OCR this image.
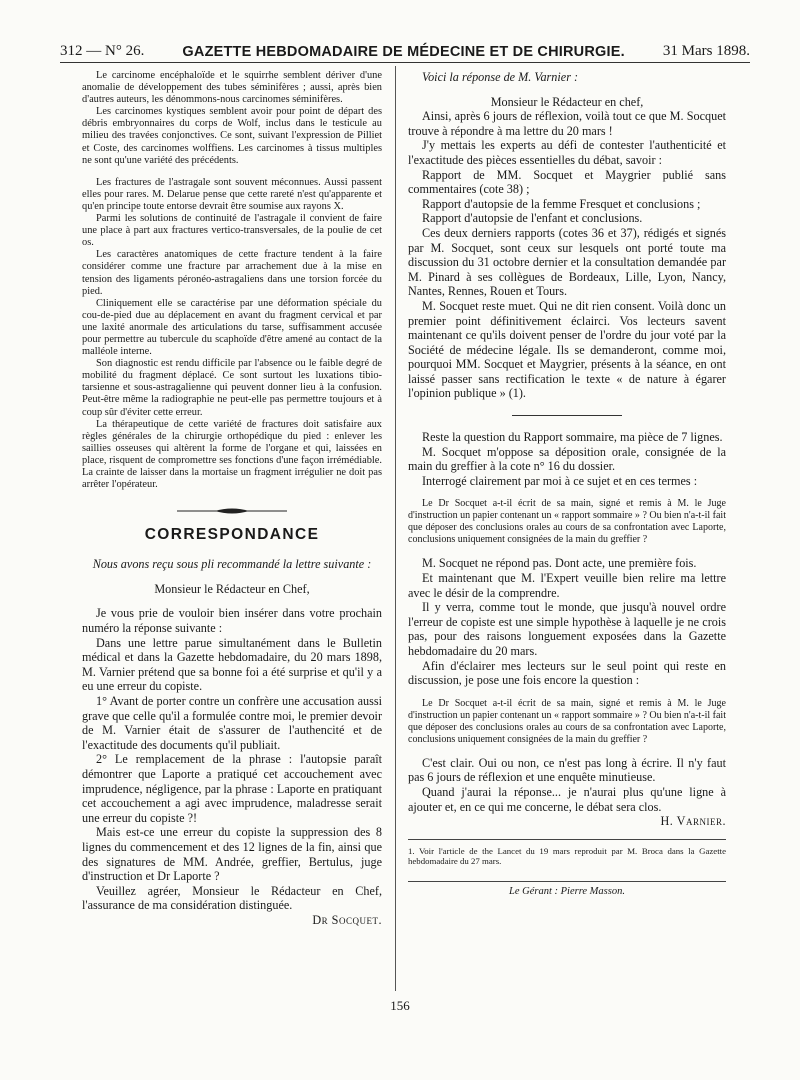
312 — N° 26.	GAZETTE HEBDOMADAIRE DE MÉDECINE ET DE CHIRURGIE.	31 Mars 1898.

Le carcinome encéphaloïde et le squirrhe semblent dériver d'une anomalie de développement des tubes séminifères ; aussi, après bien d'autres auteurs, les dénommons-nous carcinomes séminifères.

Les carcinomes kystiques semblent avoir pour point de départ des débris embryonnaires du corps de Wolf, inclus dans le testicule au milieu des travées conjonctives. Ce sont, suivant l'expression de Pilliet et Coste, des carcinomes wolffiens. Les carcinomes à tissus multiples ne sont qu'une variété des précédents.

Les fractures de l'astragale sont souvent méconnues. Aussi passent elles pour rares. M. Delarue pense que cette rareté n'est qu'apparente et qu'en principe toute entorse devrait être soumise aux rayons X.

Parmi les solutions de continuité de l'astragale il convient de faire une place à part aux fractures vertico-transversales, de la poulie de cet os.

Les caractères anatomiques de cette fracture tendent à la faire considérer comme une fracture par arrachement due à la mise en tension des ligaments péronéo-astragaliens dans une torsion forcée du pied.

Cliniquement elle se caractérise par une déformation spéciale du cou-de-pied due au déplacement en avant du fragment cervical et par une laxité anormale des articulations du tarse, suffisamment accusée pour permettre au tubercule du scaphoïde d'être amené au contact de la malléole interne.

Son diagnostic est rendu difficile par l'absence ou le faible degré de mobilité du fragment déplacé. Ce sont surtout les luxations tibio-tarsienne et sous-astragalienne qui peuvent donner lieu à la confusion. Peut-être même la radiographie ne peut-elle pas permettre toujours et à coup sûr d'éviter cette erreur.

La thérapeutique de cette variété de fractures doit satisfaire aux règles générales de la chirurgie orthopédique du pied : enlever les saillies osseuses qui altèrent la forme de l'organe et qui, laissées en place, risquent de compromettre ses fonctions d'une façon irrémédiable. La crainte de laisser dans la mortaise un fragment irrégulier ne doit pas arrêter l'opérateur.

CORRESPONDANCE

Nous avons reçu sous pli recommandé la lettre suivante :

Monsieur le Rédacteur en Chef,

Je vous prie de vouloir bien insérer dans votre prochain numéro la réponse suivante :

Dans une lettre parue simultanément dans le Bulletin médical et dans la Gazette hebdomadaire, du 20 mars 1898, M. Varnier prétend que sa bonne foi a été surprise et qu'il y a eu une erreur du copiste.

1° Avant de porter contre un confrère une accusation aussi grave que celle qu'il a formulée contre moi, le premier devoir de M. Varnier était de s'assurer de l'authencité et de l'exactitude des documents qu'il publiait.

2° Le remplacement de la phrase : l'autopsie paraît démontrer que Laporte a pratiqué cet accouchement avec imprudence, négligence, par la phrase : Laporte en pratiquant cet accouchement a agi avec imprudence, maladresse serait une erreur du copiste ?!

Mais est-ce une erreur du copiste la suppression des 8 lignes du commencement et des 12 lignes de la fin, ainsi que des signatures de MM. Andrée, greffier, Bertulus, juge d'instruction et Dr Laporte ?

Veuillez agréer, Monsieur le Rédacteur en Chef, l'assurance de ma considération distinguée.

Dr Socquet.

Voici la réponse de M. Varnier :

Monsieur le Rédacteur en chef,

Ainsi, après 6 jours de réflexion, voilà tout ce que M. Socquet trouve à répondre à ma lettre du 20 mars !

J'y mettais les experts au défi de contester l'authenticité et l'exactitude des pièces essentielles du débat, savoir :

Rapport de MM. Socquet et Maygrier publié sans commentaires (cote 38) ;

Rapport d'autopsie de la femme Fresquet et conclusions ;

Rapport d'autopsie de l'enfant et conclusions.

Ces deux derniers rapports (cotes 36 et 37), rédigés et signés par M. Socquet, sont ceux sur lesquels ont porté toute ma discussion du 31 octobre dernier et la consultation demandée par M. Pinard à ses collègues de Bordeaux, Lille, Lyon, Nancy, Nantes, Rennes, Rouen et Tours.

M. Socquet reste muet. Qui ne dit rien consent. Voilà donc un premier point définitivement éclairci. Vos lecteurs savent maintenant ce qu'ils doivent penser de l'ordre du jour voté par la Société de médecine légale. Ils se demanderont, comme moi, pourquoi MM. Socquet et Maygrier, présents à la séance, en ont laissé passer sans rectification le texte « de nature à égarer l'opinion publique » (1).

Reste la question du Rapport sommaire, ma pièce de 7 lignes.

M. Socquet m'oppose sa déposition orale, consignée de la main du greffier à la cote n° 16 du dossier.

Interrogé clairement par moi à ce sujet et en ces termes :

Le Dr Socquet a-t-il écrit de sa main, signé et remis à M. le Juge d'instruction un papier contenant un « rapport sommaire » ? Ou bien n'a-t-il fait que déposer des conclusions orales au cours de sa confrontation avec Laporte, conclusions uniquement consignées de la main du greffier ?

M. Socquet ne répond pas. Dont acte, une première fois.

Et maintenant que M. l'Expert veuille bien relire ma lettre avec le désir de la comprendre.

Il y verra, comme tout le monde, que jusqu'à nouvel ordre l'erreur de copiste est une simple hypothèse à laquelle je ne crois pas, pour des raisons longuement exposées dans la Gazette hebdomadaire du 20 mars.

Afin d'éclairer mes lecteurs sur le seul point qui reste en discussion, je pose une fois encore la question :

Le Dr Socquet a-t-il écrit de sa main, signé et remis à M. le Juge d'instruction un papier contenant un « rapport sommaire » ? Ou bien n'a-t-il fait que déposer des conclusions orales au cours de sa confrontation avec Laporte, conclusions uniquement consignées de la main du greffier ?

C'est clair. Oui ou non, ce n'est pas long à écrire. Il n'y faut pas 6 jours de réflexion et une enquête minutieuse.

Quand j'aurai la réponse... je n'aurai plus qu'une ligne à ajouter et, en ce qui me concerne, le débat sera clos.

H. Varnier.

1. Voir l'article de the Lancet du 19 mars reproduit par M. Broca dans la Gazette hebdomadaire du 27 mars.
Le Gérant : Pierre Masson.
156
